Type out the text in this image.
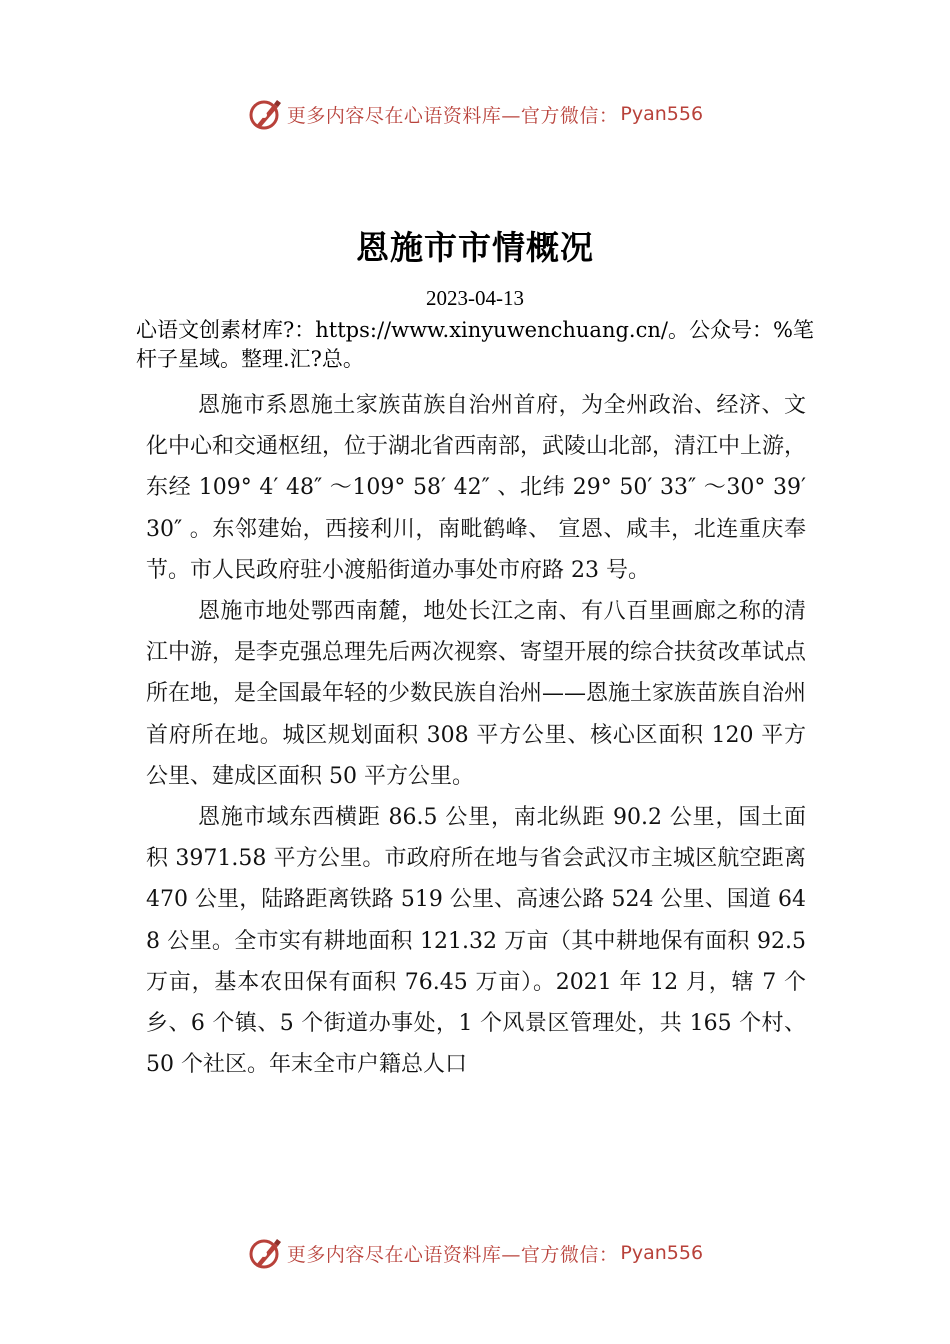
更多内容尽在心语资料库—官方微信： Pyan556
恩施市市情概况
2023-04-13

心语文创素材库?：https://www.xinyuwenchuang.cn/。公众号：%笔杆子星域。整理.汇?总。

恩施市系恩施土家族苗族自治州首府，为全州政治、经济、文化中心和交通枢纽，位于湖北省西南部，武陵山北部，清江中上游，东经 109° 4′ 48″ ～109° 58′ 42″ 、北纬 29° 50′ 33″ ～30° 39′ 30″ 。东邻建始，西接利川，南毗鹤峰、 宣恩、咸丰，北连重庆奉节。市人民政府驻小渡船街道办事处市府路 23 号。

恩施市地处鄂西南麓，地处长江之南、有八百里画廊之称的清江中游，是李克强总理先后两次视察、寄望开展的综合扶贫改革试点所在地，是全国最年轻的少数民族自治州——恩施土家族苗族自治州首府所在地。城区规划面积 308 平方公里、核心区面积 120 平方公里、建成区面积 50 平方公里。

恩施市域东西横距 86.5 公里，南北纵距 90.2 公里，国土面积 3971.58 平方公里。市政府所在地与省会武汉市主城区航空距离 470 公里，陆路距离铁路 519 公里、高速公路 524 公里、国道 648 公里。全市实有耕地面积 121.32 万亩（其中耕地保有面积 92.5 万亩，基本农田保有面积 76.45 万亩）。2021 年 12 月，辖 7 个乡、6 个镇、5 个街道办事处，1 个风景区管理处，共 165 个村、50 个社区。年末全市户籍总人口

更多内容尽在心语资料库—官方微信： Pyan556
